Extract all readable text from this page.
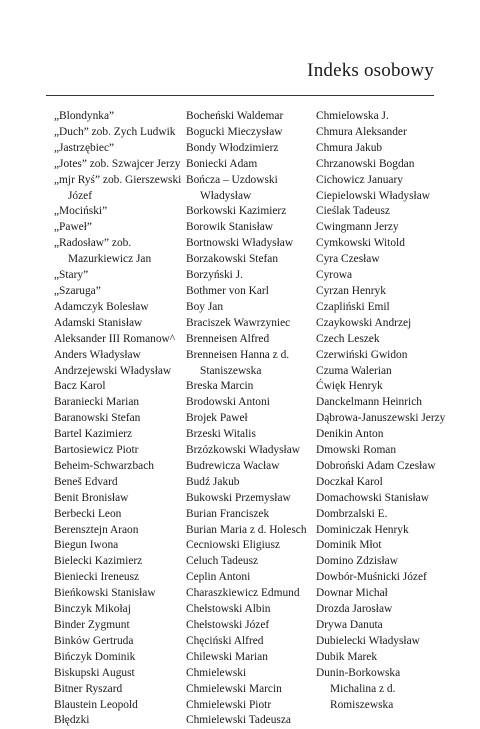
Indeks osobowy
„Blondynka”
„Duch” zob. Zych Ludwik
„Jastrzębiec”
„Jotes” zob. Szwajcer Jerzy
„mjr Ryś” zob. Gierszewski
Józef
„Mociński”
„Paweł”
„Radosław” zob.
Mazurkiewicz Jan
„Stary”
„Szaruga”
Adamczyk Bolesław
Adamski Stanisław
Aleksander III Romanow^
Anders Władysław
Andrzejewski Władysław
Bacz Karol
Baraniecki Marian
Baranowski Stefan
Bartel Kazimierz
Bartosiewicz Piotr
Beheim-Schwarzbach
Beneš Edvard
Benit Bronisław
Berbecki Leon
Berensztejn Araon
Biegun Iwona
Bielecki Kazimierz
Bieniecki Ireneusz
Bieńkowski Stanisław
Binczyk Mikołaj
Binder Zygmunt
Binków Gertruda
Bińczyk Dominik
Biskupski August
Bitner Ryszard
Blaustein Leopold
Błędzki
Bocheński Waldemar
Bogucki Mieczysław
Bondy Włodzimierz
Boniecki Adam
Bończa – Uzdowski
Władysław
Borkowski Kazimierz
Borowik Stanisław
Bortnowski Władysław
Borzakowski Stefan
Borzyński J.
Bothmer von Karl
Boy Jan
Braciszek Wawrzyniec
Brenneisen Alfred
Brenneisen Hanna z d.
Staniszewska
Breska Marcin
Brodowski Antoni
Brojek Paweł
Brzeski Witalis
Brzózkowski Władysław
Budrewicza Wacław
Budź Jakub
Bukowski Przemysław
Burian Franciszek
Burian Maria z d. Holesch
Cecniowski Eligiusz
Celuch Tadeusz
Ceplin Antoni
Charaszkiewicz Edmund
Chełstowski Albin
Chełstowski Józef
Chęciński Alfred
Chilewski Marian
Chmielewski
Chmielewski Marcin
Chmielewski Piotr
Chmielewski Tadeusza
Chmielowska J.
Chmura Aleksander
Chmura Jakub
Chrzanowski Bogdan
Cichowicz January
Ciepielowski Władysław
Cieślak Tadeusz
Cwingmann Jerzy
Cymkowski Witold
Cyra Czesław
Cyrowa
Cyrzan Henryk
Czapliński Emil
Czaykowski Andrzej
Czech Leszek
Czerwiński Gwidon
Czuma Walerian
Ćwięk Henryk
Danckelmann Heinrich
Dąbrowa-Januszewski Jerzy
Denikin Anton
Dmowski Roman
Dobroński Adam Czesław
Doczkał Karol
Domachowski Stanisław
Dombrzalski E.
Dominiczak Henryk
Dominik Młot
Domino Zdzisław
Dowbór-Muśnicki Józef
Downar Michał
Drozda Jarosław
Drywa Danuta
Dubielecki Władysław
Dubik Marek
Dunin-Borkowska
Michalina z d.
Romiszewska
